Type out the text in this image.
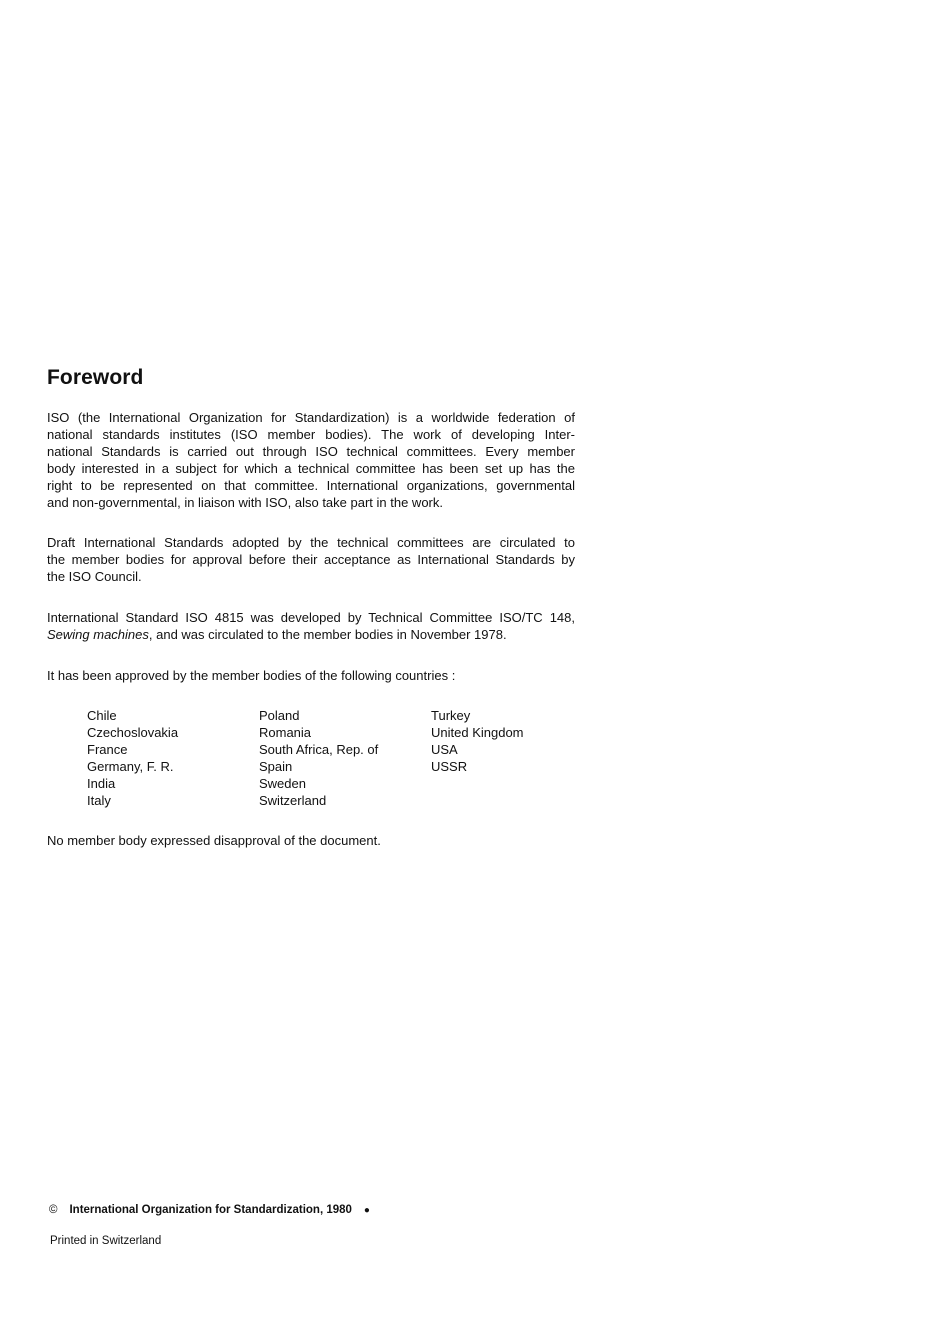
Foreword

ISO (the International Organization for Standardization) is a worldwide federation of
national standards institutes (ISO member bodies). The work of developing Inter-
national Standards is carried out through ISO technical committees. Every member
body interested in a subject for which a technical committee has been set up has the
right to be represented on that committee. International organizations, governmental
and non-governmental, in liaison with ISO, also take part in the work.

Draft International Standards adopted by the technical committees are circulated to
the member bodies for approval before their acceptance as International Standards by
the ISO Council.

International Standard ISO 4815 was developed by Technical Committee ISO/TC 148,
Sewing machines, and was circulated to the member bodies in November 1978.

It has been approved by the member bodies of the following countries :

Chile
Czechoslovakia
France
Germany, F. R.
India
Italy
Poland
Romania
South Africa, Rep. of
Spain
Sweden
Switzerland
Turkey
United Kingdom
USA
USSR

No member body expressed disapproval of the document.

© International Organization for Standardization, 1980 ●
Printed in Switzerland
